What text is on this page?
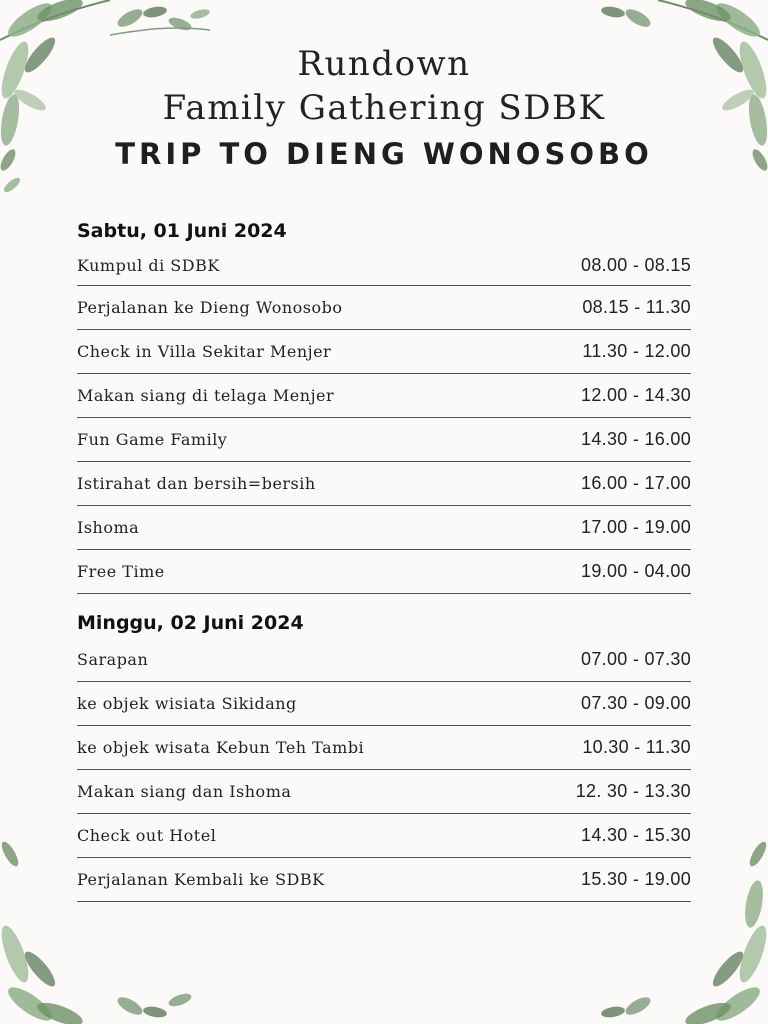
Rundown

Family Gathering SDBK

TRIP TO DIENG WONOSOBO

Sabtu, 01 Juni 2024
Kumpul di SDBK	08.00 - 08.15
Perjalanan ke Dieng Wonosobo	08.15 - 11.30
Check in Villa Sekitar Menjer	11.30 - 12.00
Makan siang di telaga Menjer	12.00 - 14.30
Fun Game Family	14.30 - 16.00
Istirahat dan bersih=bersih	16.00 - 17.00
Ishoma	17.00 - 19.00
Free Time	19.00 - 04.00
Minggu, 02 Juni 2024
Sarapan	07.00 - 07.30
ke objek wisiata Sikidang	07.30 - 09.00
ke objek wisata Kebun Teh Tambi	10.30 - 11.30
Makan siang dan Ishoma	12. 30 - 13.30
Check out Hotel	14.30 - 15.30
Perjalanan Kembali ke SDBK	15.30 - 19.00
